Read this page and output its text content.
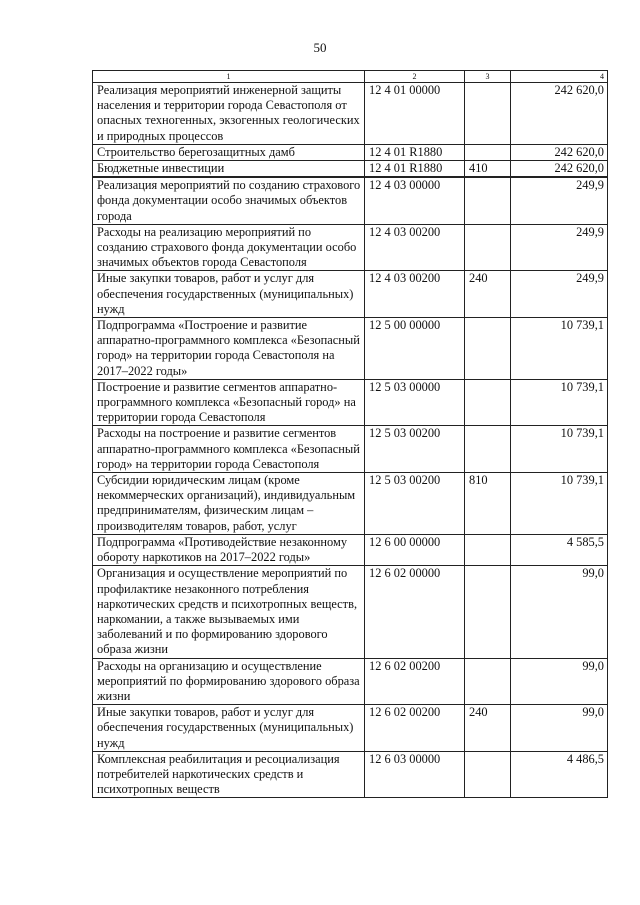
50
1	2	3	4
Реализация мероприятий инженерной защиты населения и территории города Севастополя от опасных техногенных, экзогенных геологических и природных процессов	12 4 01 00000		242 620,0
Строительство берегозащитных дамб	12 4 01 R1880		242 620,0
Бюджетные инвестиции	12 4 01 R1880	410	242 620,0
Реализация мероприятий по созданию страхового фонда документации особо значимых объектов города	12 4 03 00000		249,9
Расходы на реализацию мероприятий по созданию страхового фонда документации особо значимых объектов города Севастополя	12 4 03 00200		249,9
Иные закупки товаров, работ и услуг для обеспечения государственных (муниципальных) нужд	12 4 03 00200	240	249,9
Подпрограмма «Построение и развитие аппаратно-программного комплекса «Безопасный город» на территории города Севастополя на 2017–2022 годы»	12 5 00 00000		10 739,1
Построение и развитие сегментов аппаратно-программного комплекса «Безопасный город» на территории города Севастополя	12 5 03 00000		10 739,1
Расходы на построение и развитие сегментов аппаратно-программного комплекса «Безопасный город» на территории города Севастополя	12 5 03 00200		10 739,1
Субсидии юридическим лицам (кроме некоммерческих организаций), индивидуальным предпринимателям, физическим лицам – производителям товаров, работ, услуг	12 5 03 00200	810	10 739,1
Подпрограмма «Противодействие незаконному обороту наркотиков на 2017–2022 годы»	12 6 00 00000		4 585,5
Организация и осуществление мероприятий по профилактике незаконного потребления наркотических средств и психотропных веществ, наркомании, а также вызываемых ими заболеваний и по формированию здорового образа жизни	12 6 02 00000		99,0
Расходы на организацию и осуществление мероприятий по формированию здорового образа жизни	12 6 02 00200		99,0
Иные закупки товаров, работ и услуг для обеспечения государственных (муниципальных) нужд	12 6 02 00200	240	99,0
Комплексная реабилитация и ресоциализация потребителей наркотических средств и психотропных веществ	12 6 03 00000		4 486,5
